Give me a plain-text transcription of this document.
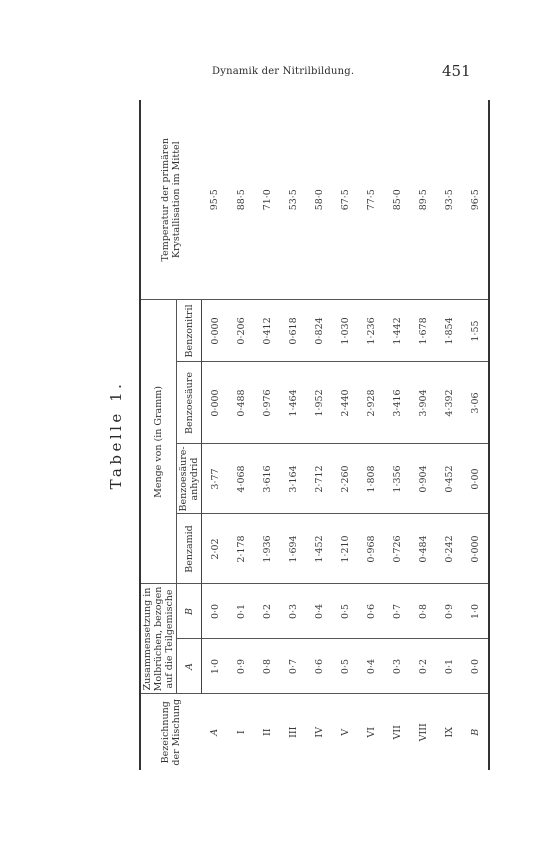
Dynamik der Nitrilbildung.	451
Tabelle 1.
Bezeichnung der Mischung	Zusammensetzung in Molbrüchen, bezogen auf die Teilgemische		Menge von (in Gramm)				Temperatur der primären Krystallisation im Mittel
	A	B	Benzamid	Benzoesäure-anhydrid	Benzoesäure	Benzonitril	
A	1·0	0·0	2·02	3·77	0·000	0·000	95·5
I	0·9	0·1	2·178	4·068	0·488	0·206	88·5
II	0·8	0·2	1·936	3·616	0·976	0·412	71·0
III	0·7	0·3	1·694	3·164	1·464	0·618	53·5
IV	0·6	0·4	1·452	2·712	1·952	0·824	58·0
V	0·5	0·5	1·210	2·260	2·440	1·030	67·5
VI	0·4	0·6	0·968	1·808	2·928	1·236	77·5
VII	0·3	0·7	0·726	1·356	3·416	1·442	85·0
VIII	0·2	0·8	0·484	0·904	3·904	1·678	89·5
IX	0·1	0·9	0·242	0·452	4·392	1·854	93·5
B	0·0	1·0	0·000	0·00	3·06	1·55	96·5
